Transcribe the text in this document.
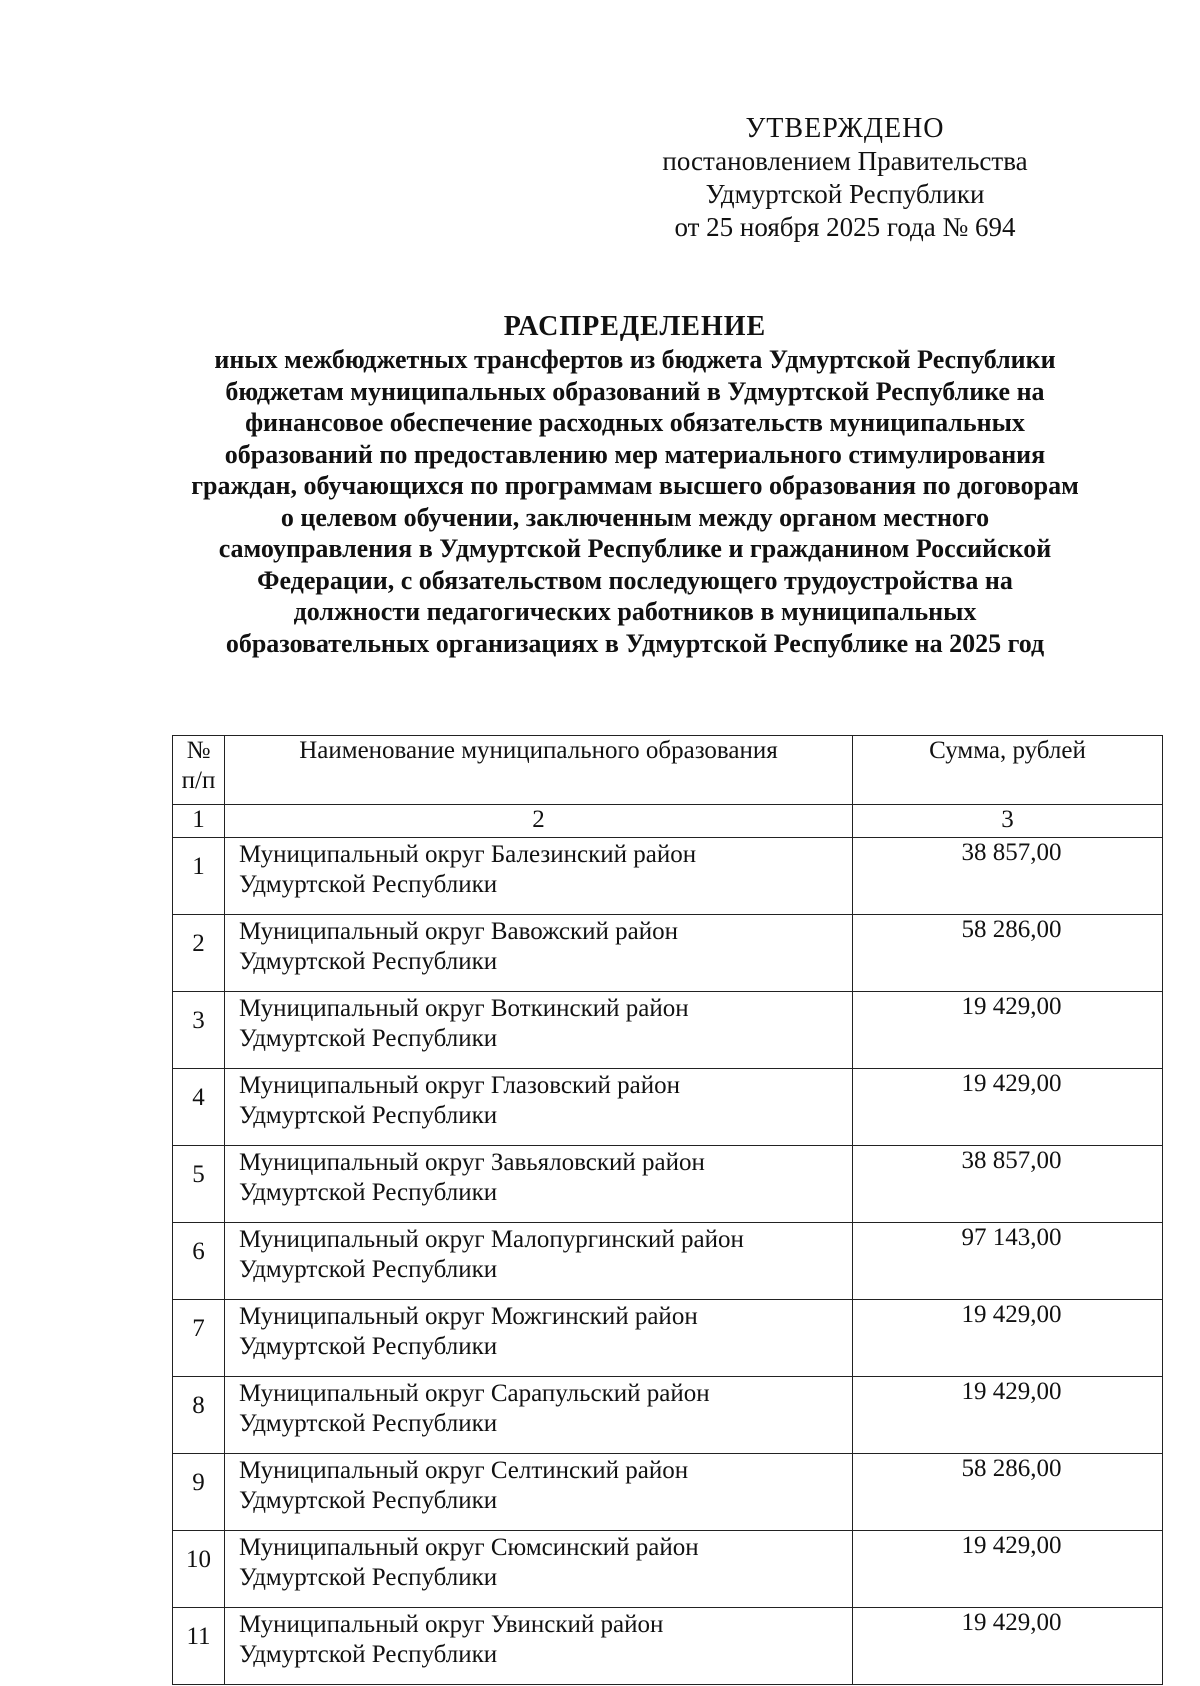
УТВЕРЖДЕНО
постановлением Правительства
Удмуртской Республики
от 25 ноября 2025 года № 694
РАСПРЕДЕЛЕНИЕ
иных межбюджетных трансфертов из бюджета Удмуртской Республики
бюджетам муниципальных образований в Удмуртской Республике на
финансовое обеспечение расходных обязательств муниципальных
образований по предоставлению мер материального стимулирования
граждан, обучающихся по программам высшего образования по договорам
о целевом обучении, заключенным между органом местного
самоуправления в Удмуртской Республике и гражданином Российской
Федерации, с обязательством последующего трудоустройства на
должности педагогических работников в муниципальных
образовательных организациях в Удмуртской Республике на 2025 год
№
п/п	Наименование муниципального образования	Сумма, рублей
1	2	3
1	Муниципальный округ Балезинский район
Удмуртской Республики	38 857,00
2	Муниципальный округ Вавожский район
Удмуртской Республики	58 286,00
3	Муниципальный округ Воткинский район
Удмуртской Республики	19 429,00
4	Муниципальный округ Глазовский район
Удмуртской Республики	19 429,00
5	Муниципальный округ Завьяловский район
Удмуртской Республики	38 857,00
6	Муниципальный округ Малопургинский район
Удмуртской Республики	97 143,00
7	Муниципальный округ Можгинский район
Удмуртской Республики	19 429,00
8	Муниципальный округ Сарапульский район
Удмуртской Республики	19 429,00
9	Муниципальный округ Селтинский район
Удмуртской Республики	58 286,00
10	Муниципальный округ Сюмсинский район
Удмуртской Республики	19 429,00
11	Муниципальный округ Увинский район
Удмуртской Республики	19 429,00
